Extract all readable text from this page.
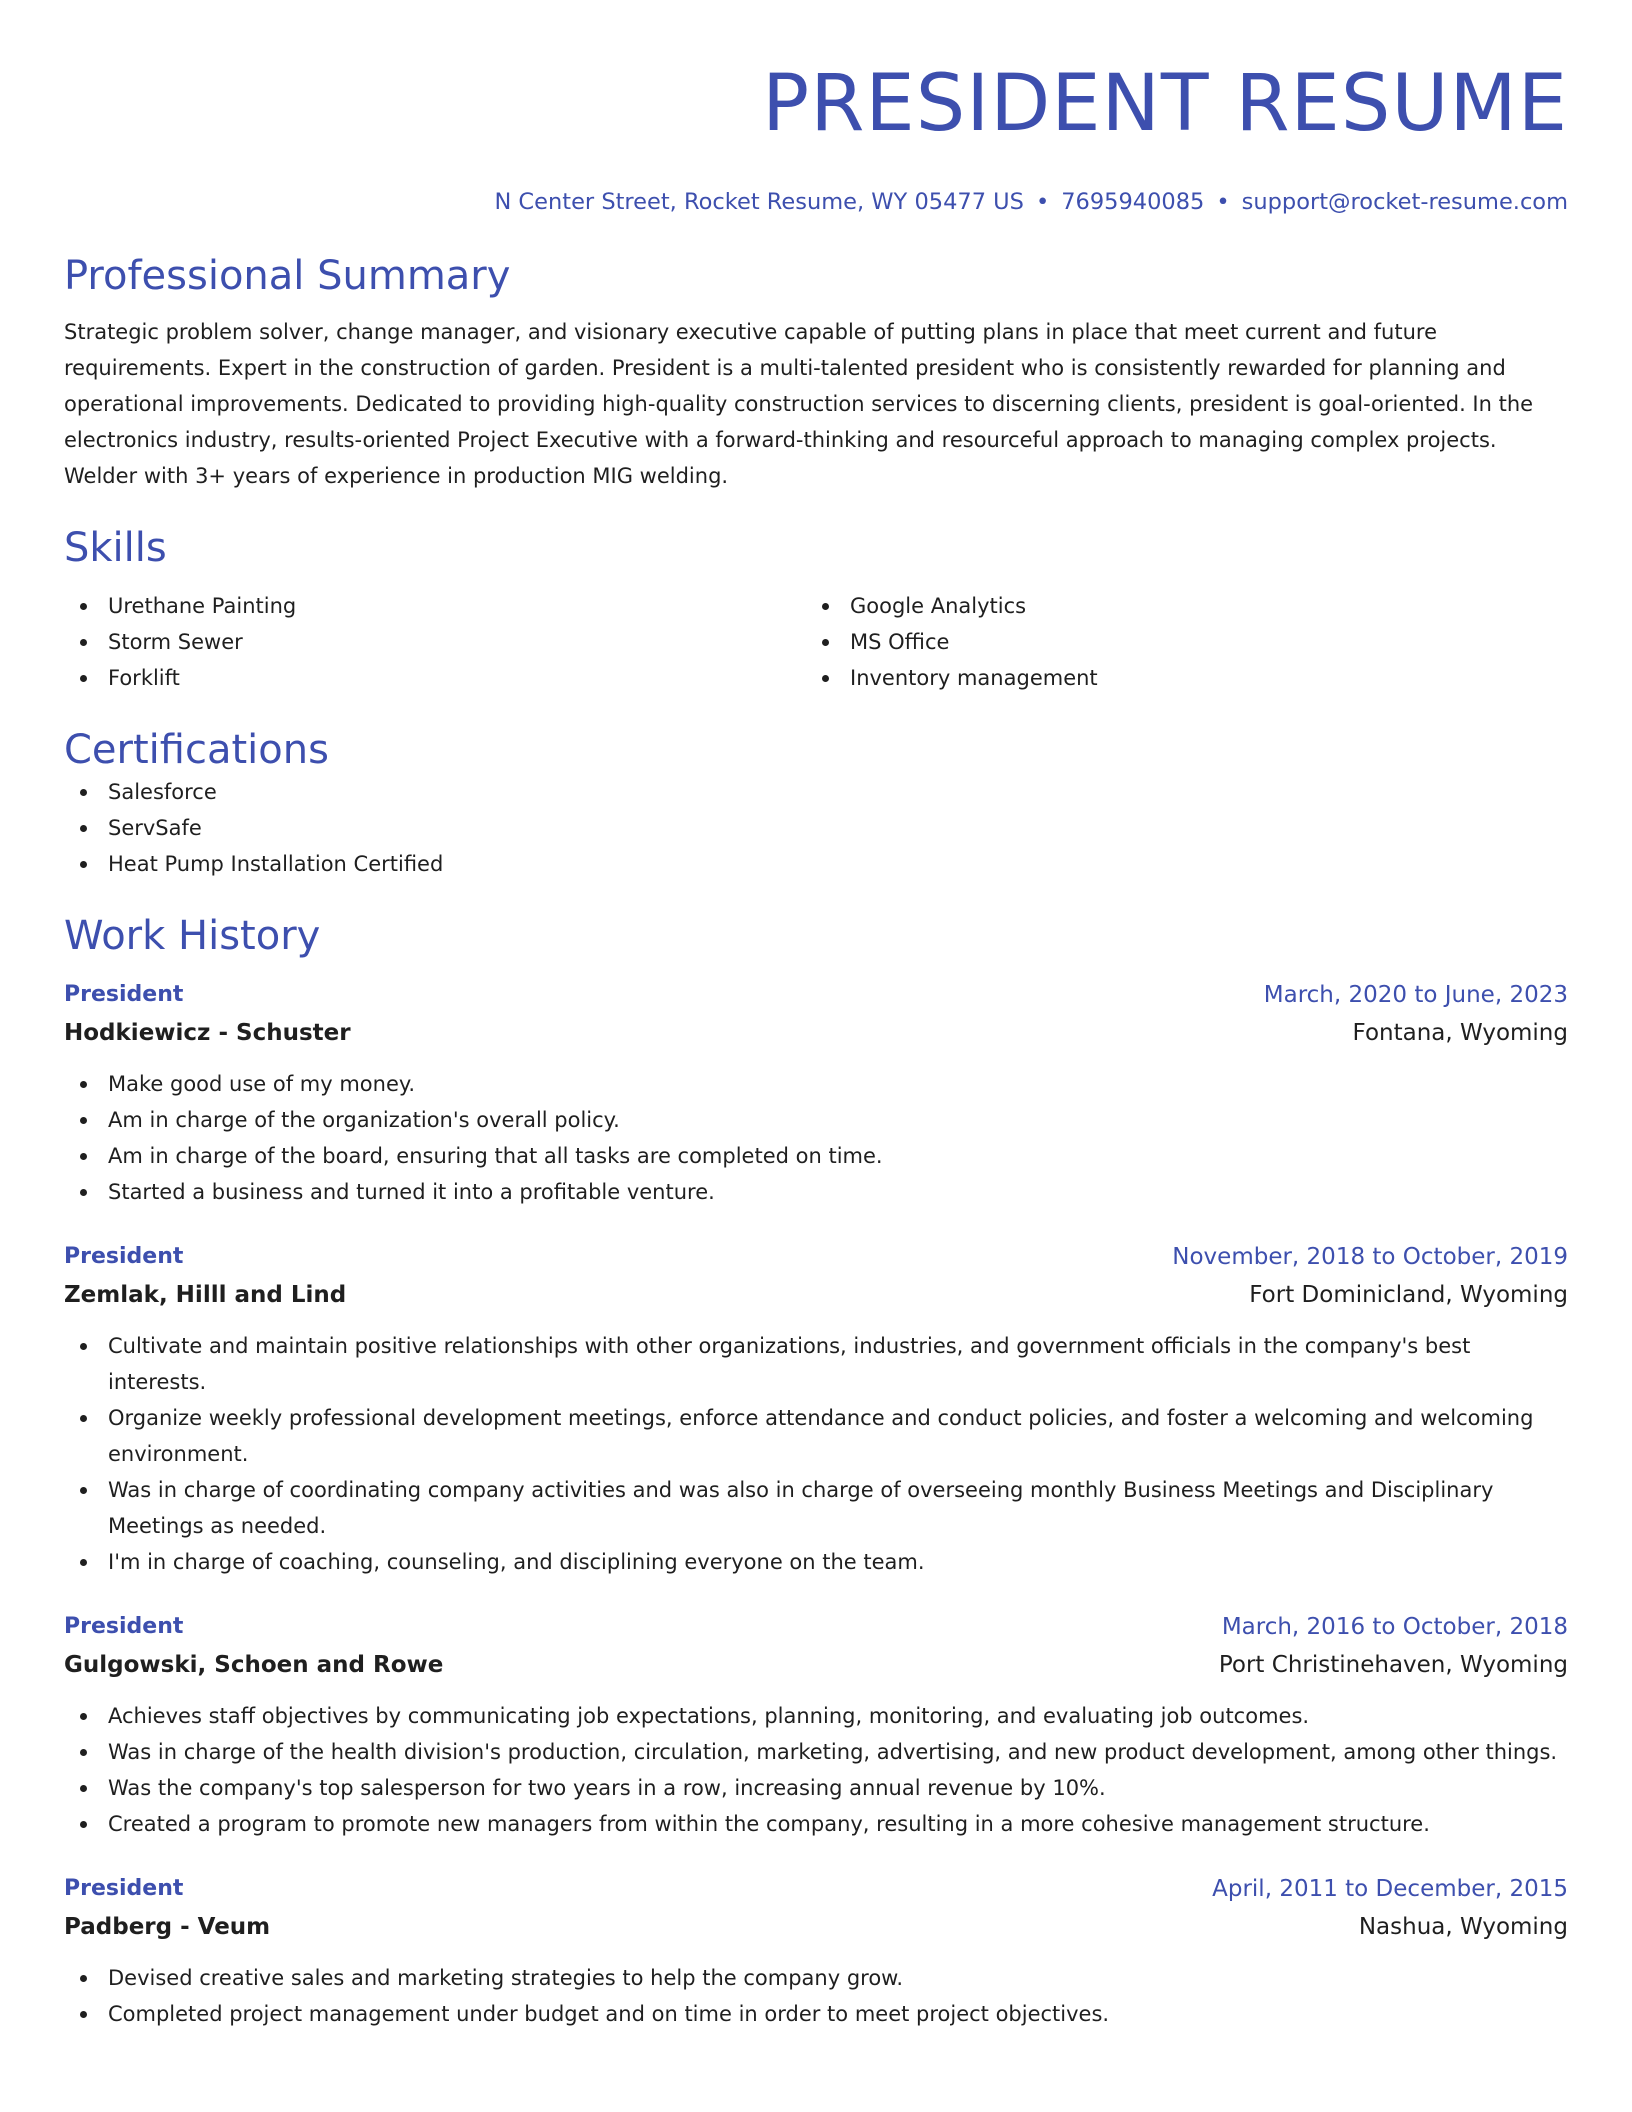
PRESIDENT RESUME
N Center Street, Rocket Resume, WY 05477 US • 7695940085 • support@rocket-resume.com
Professional Summary
Strategic problem solver, change manager, and visionary executive capable of putting plans in place that meet current and future requirements. Expert in the construction of garden. President is a multi-talented president who is consistently rewarded for planning and operational improvements. Dedicated to providing high-quality construction services to discerning clients, president is goal-oriented. In the electronics industry, results-oriented Project Executive with a forward-thinking and resourceful approach to managing complex projects. Welder with 3+ years of experience in production MIG welding.
Skills
Urethane Painting
Storm Sewer
Forklift
Google Analytics
MS Office
Inventory management
Certifications
Salesforce
ServSafe
Heat Pump Installation Certified
Work History
President	March, 2020 to June, 2023
Hodkiewicz - Schuster	Fontana, Wyoming
Make good use of my money.
Am in charge of the organization's overall policy.
Am in charge of the board, ensuring that all tasks are completed on time.
Started a business and turned it into a profitable venture.
President	November, 2018 to October, 2019
Zemlak, Hilll and Lind	Fort Dominicland, Wyoming
Cultivate and maintain positive relationships with other organizations, industries, and government officials in the company's best interests.
Organize weekly professional development meetings, enforce attendance and conduct policies, and foster a welcoming and welcoming environment.
Was in charge of coordinating company activities and was also in charge of overseeing monthly Business Meetings and Disciplinary Meetings as needed.
I'm in charge of coaching, counseling, and disciplining everyone on the team.
President	March, 2016 to October, 2018
Gulgowski, Schoen and Rowe	Port Christinehaven, Wyoming
Achieves staff objectives by communicating job expectations, planning, monitoring, and evaluating job outcomes.
Was in charge of the health division's production, circulation, marketing, advertising, and new product development, among other things.
Was the company's top salesperson for two years in a row, increasing annual revenue by 10%.
Created a program to promote new managers from within the company, resulting in a more cohesive management structure.
President	April, 2011 to December, 2015
Padberg - Veum	Nashua, Wyoming
Devised creative sales and marketing strategies to help the company grow.
Completed project management under budget and on time in order to meet project objectives.
